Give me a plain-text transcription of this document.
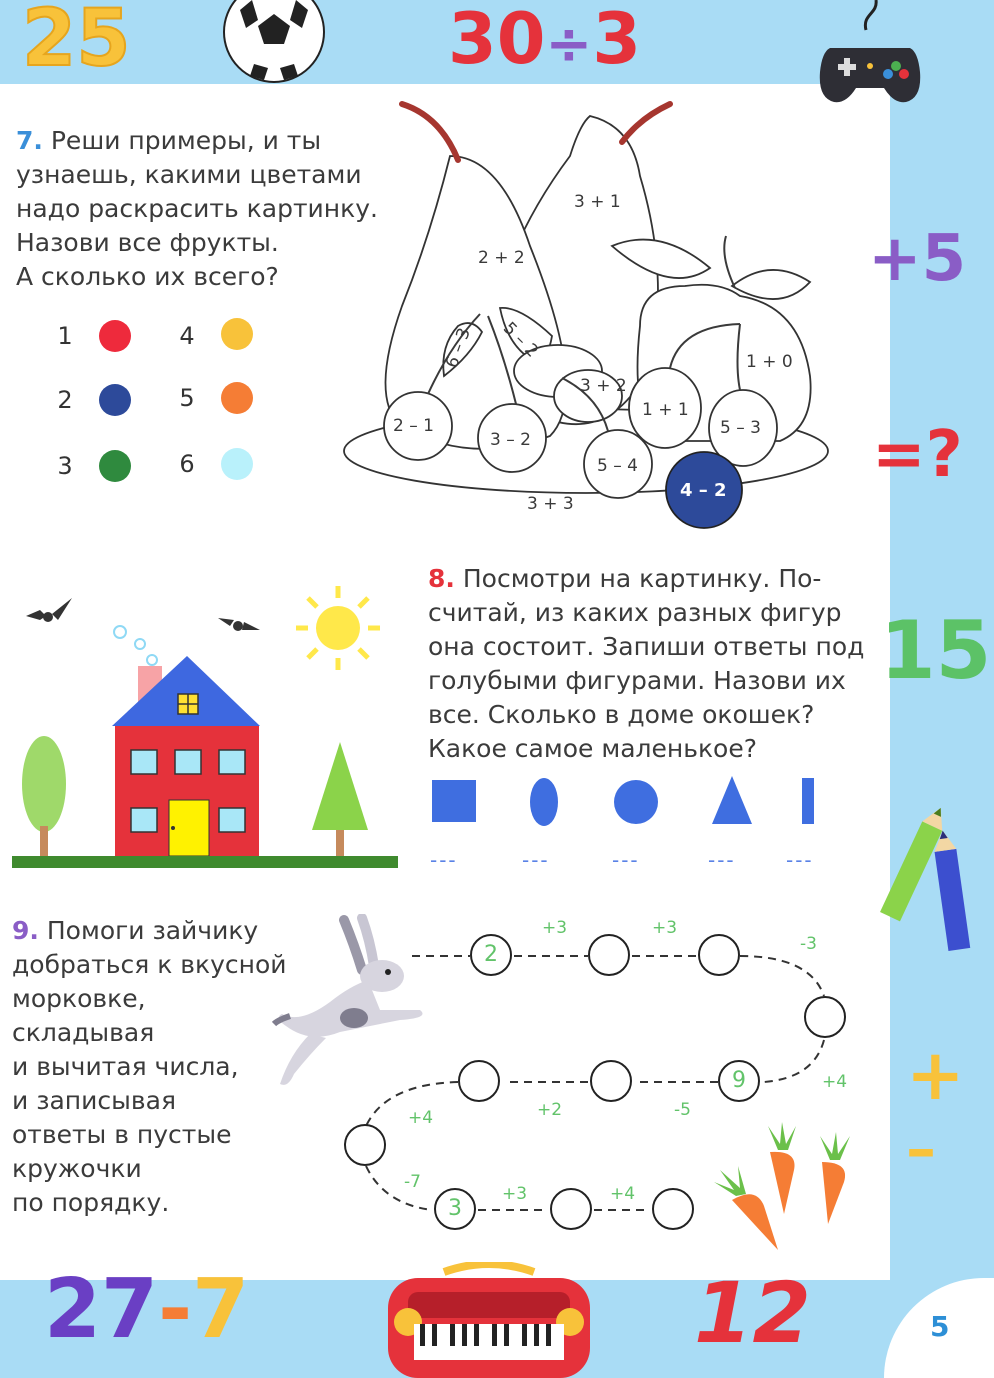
25	30÷3
+5
=?
15
+
–
27-7	12	5
7. Реши примеры, и ты
узнаешь, какими цветами
надо раскрасить картинку.
Назови все фрукты.
А сколько их всего?
1
2
3
4
5
6
3 + 1
2 + 2
6 – 3 5 – 2
3 + 2
1 + 1
1 + 0
2 – 1
3 – 2
5 – 4
5 – 3
4 – 2
3 + 3
8. Посмотри на картинку. По-
считай, из каких разных фигур
она состоит. Запиши ответы под
голубыми фигурами. Назови их
все. Сколько в доме окошек?
Какое самое маленькое?
---	---	---	---	---
9. Помоги зайчику
добраться к вкусной
морковке,
складывая
и вычитая числа,
и записывая
ответы в пустые
кружочки
по порядку.
2
9
3
+3	+3
-3
+4
-5
+2
+4
-7
+3	+4
